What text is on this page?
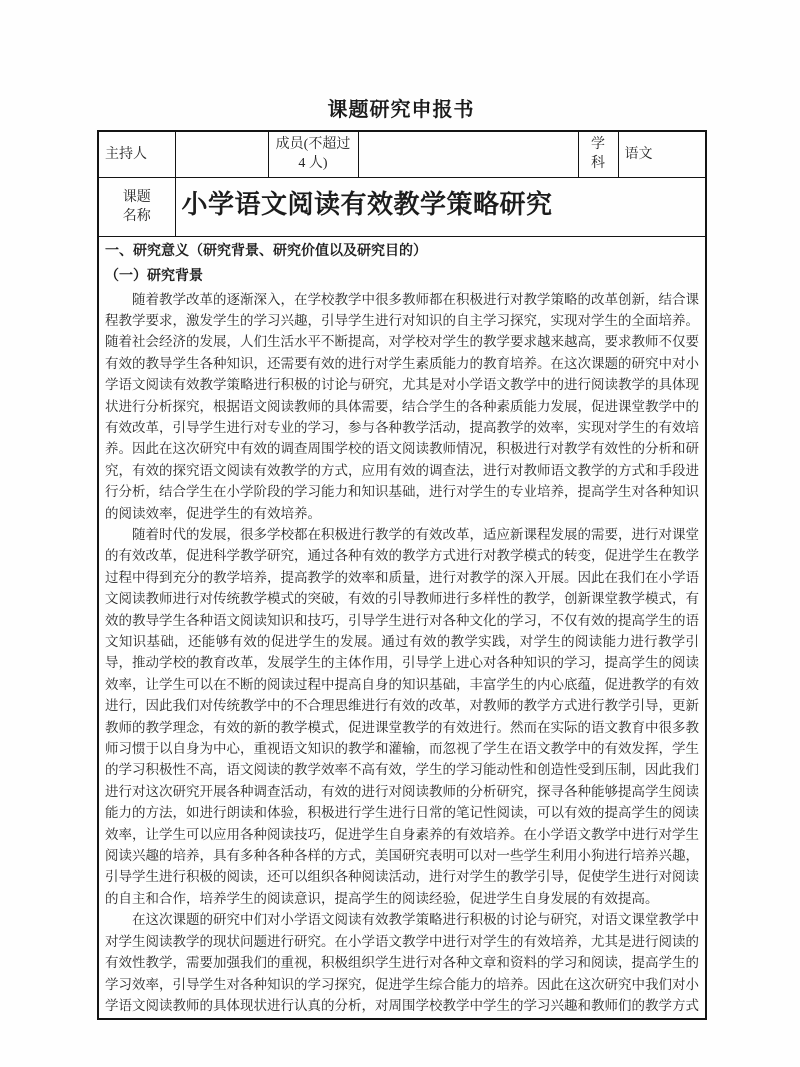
课题研究申报书
主持人		成员(不超过 4 人)		学科	语文
课题名称	小学语文阅读有效教学策略研究				

一、研究意义（研究背景、研究价值以及研究目的）
（一）研究背景

随着教学改革的逐渐深入，在学校教学中很多教师都在积极进行对教学策略的改革创新，结合课程教学要求，激发学生的学习兴趣，引导学生进行对知识的自主学习探究，实现对学生的全面培养。随着社会经济的发展，人们生活水平不断提高，对学校对学生的教学要求越来越高，要求教师不仅要有效的教导学生各种知识，还需要有效的进行对学生素质能力的教育培养。在这次课题的研究中对小学语文阅读有效教学策略进行积极的讨论与研究，尤其是对小学语文教学中的进行阅读教学的具体现状进行分析探究，根据语文阅读教师的具体需要，结合学生的各种素质能力发展，促进课堂教学中的有效改革，引导学生进行对专业的学习，参与各种教学活动，提高教学的效率，实现对学生的有效培养。因此在这次研究中有效的调查周围学校的语文阅读教师情况，积极进行对教学有效性的分析和研究，有效的探究语文阅读有效教学的方式，应用有效的调查法，进行对教师语文教学的方式和手段进行分析，结合学生在小学阶段的学习能力和知识基础，进行对学生的专业培养，提高学生对各种知识的阅读效率，促进学生的有效培养。

随着时代的发展，很多学校都在积极进行教学的有效改革，适应新课程发展的需要，进行对课堂的有效改革，促进科学教学研究，通过各种有效的教学方式进行对教学模式的转变，促进学生在教学过程中得到充分的教学培养，提高教学的效率和质量，进行对教学的深入开展。因此在我们在小学语文阅读教师进行对传统教学模式的突破，有效的引导教师进行多样性的教学，创新课堂教学模式，有效的教导学生各种语文阅读知识和技巧，引导学生进行对各种文化的学习，不仅有效的提高学生的语文知识基础，还能够有效的促进学生的发展。通过有效的教学实践，对学生的阅读能力进行教学引导，推动学校的教育改革，发展学生的主体作用，引导学上进心对各种知识的学习，提高学生的阅读效率，让学生可以在不断的阅读过程中提高自身的知识基础，丰富学生的内心底蕴，促进教学的有效进行，因此我们对传统教学中的不合理思维进行有效的改革，对教师的教学方式进行教学引导，更新教师的教学理念，有效的新的教学模式，促进课堂教学的有效进行。然而在实际的语文教育中很多教师习惯于以自身为中心，重视语文知识的教学和灌输，而忽视了学生在语文教学中的有效发挥，学生的学习积极性不高，语文阅读的教学效率不高有效，学生的学习能动性和创造性受到压制，因此我们进行对这次研究开展各种调查活动，有效的进行对阅读教师的分析研究，探寻各种能够提高学生阅读能力的方法，如进行朗读和体验，积极进行学生进行日常的笔记性阅读，可以有效的提高学生的阅读效率，让学生可以应用各种阅读技巧，促进学生自身素养的有效培养。在小学语文教学中进行对学生阅读兴趣的培养，具有多种各种各样的方式，美国研究表明可以对一些学生利用小狗进行培养兴趣，引导学生进行积极的阅读，还可以组织各种阅读活动，进行对学生的教学引导，促使学生进行对阅读的自主和合作，培养学生的阅读意识，提高学生的阅读经验，促进学生自身发展的有效提高。

在这次课题的研究中们对小学语文阅读有效教学策略进行积极的讨论与研究，对语文课堂教学中对学生阅读教学的现状问题进行研究。在小学语文教学中进行对学生的有效培养，尤其是进行阅读的有效性教学，需要加强我们的重视，积极组织学生进行对各种文章和资料的学习和阅读，提高学生的学习效率，引导学生对各种知识的学习探究，促进学生综合能力的培养。因此在这次研究中我们对小学语文阅读教师的具体现状进行认真的分析，对周围学校教学中学生的学习兴趣和教师们的教学方式
